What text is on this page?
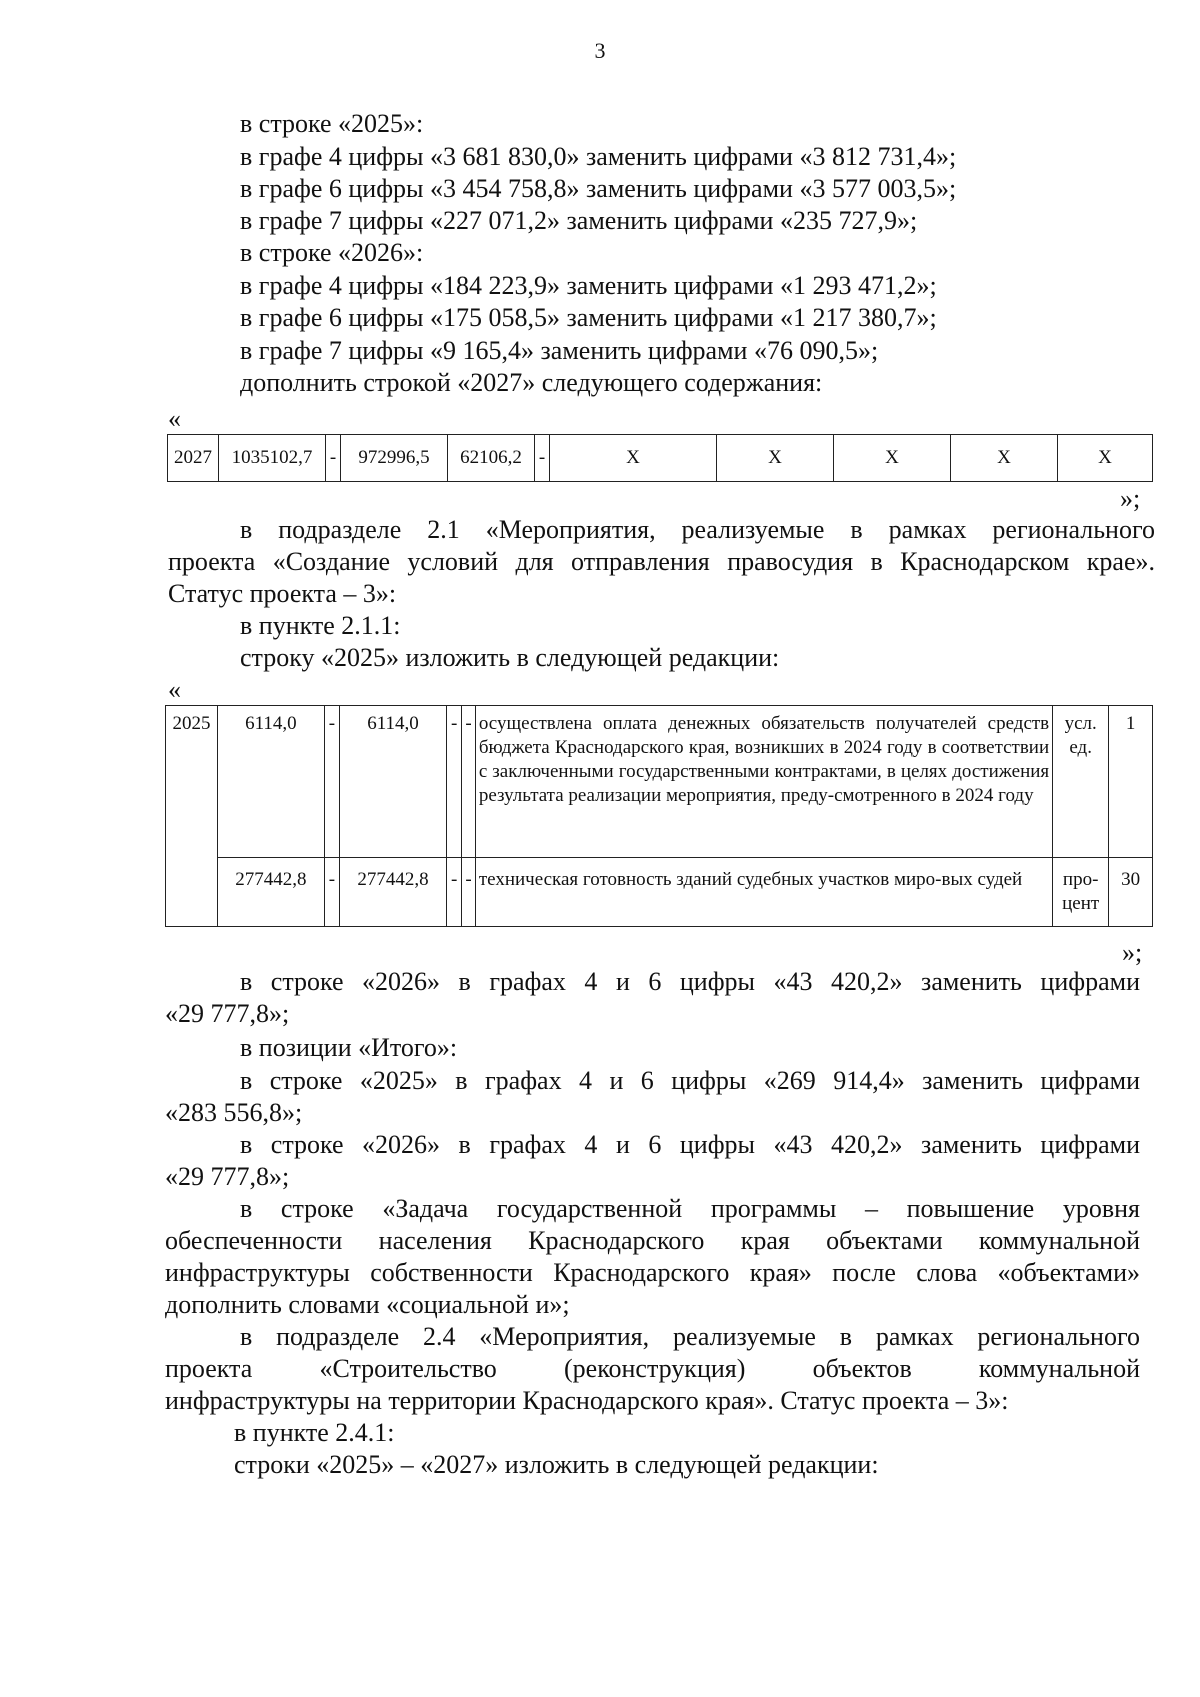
3
в строке «2025»:
в графе 4 цифры «3 681 830,0» заменить цифрами «3 812 731,4»;
в графе 6 цифры «3 454 758,8» заменить цифрами «3 577 003,5»;
в графе 7 цифры «227 071,2» заменить цифрами «235 727,9»;
в строке «2026»:
в графе 4 цифры «184 223,9» заменить цифрами «1 293 471,2»;
в графе 6 цифры «175 058,5» заменить цифрами «1 217 380,7»;
в графе 7 цифры «9 165,4» заменить цифрами «76 090,5»;
дополнить строкой «2027» следующего содержания:
«
2027	1035102,7	-	972996,5	62106,2	-	Х	Х	Х	Х	Х
»;
в подразделе 2.1 «Мероприятия, реализуемые в рамках регионального
проекта «Создание условий для отправления правосудия в Краснодарском крае».
Статус проекта – 3»:
в пункте 2.1.1:
строку «2025» изложить в следующей редакции:
«
2025	6114,0	-	6114,0	-	-	осуществлена оплата денежных обязательств получателей средств бюджета Краснодарского края, возникших в 2024 году в соответствии с заключенными государственными контрактами, в целях достижения результата реализации мероприятия, преду-смотренного в 2024 году	усл. ед.	1
	277442,8	-	277442,8	-	-	техническая готовность зданий судебных участков миро-вых судей	про-цент	30
»;
в строке «2026» в графах 4 и 6 цифры «43 420,2» заменить цифрами
«29 777,8»;
в позиции «Итого»:
в строке «2025» в графах 4 и 6 цифры «269 914,4» заменить цифрами
«283 556,8»;
в строке «2026» в графах 4 и 6 цифры «43 420,2» заменить цифрами
«29 777,8»;
в строке «Задача государственной программы – повышение уровня
обеспеченности населения Краснодарского края объектами коммунальной
инфраструктуры собственности Краснодарского края» после слова «объектами»
дополнить словами «социальной и»;
в подразделе 2.4 «Мероприятия, реализуемые в рамках регионального
проекта «Строительство (реконструкция) объектов коммунальной
инфраструктуры на территории Краснодарского края». Статус проекта – 3»:
в пункте 2.4.1:
строки «2025» – «2027» изложить в следующей редакции:
